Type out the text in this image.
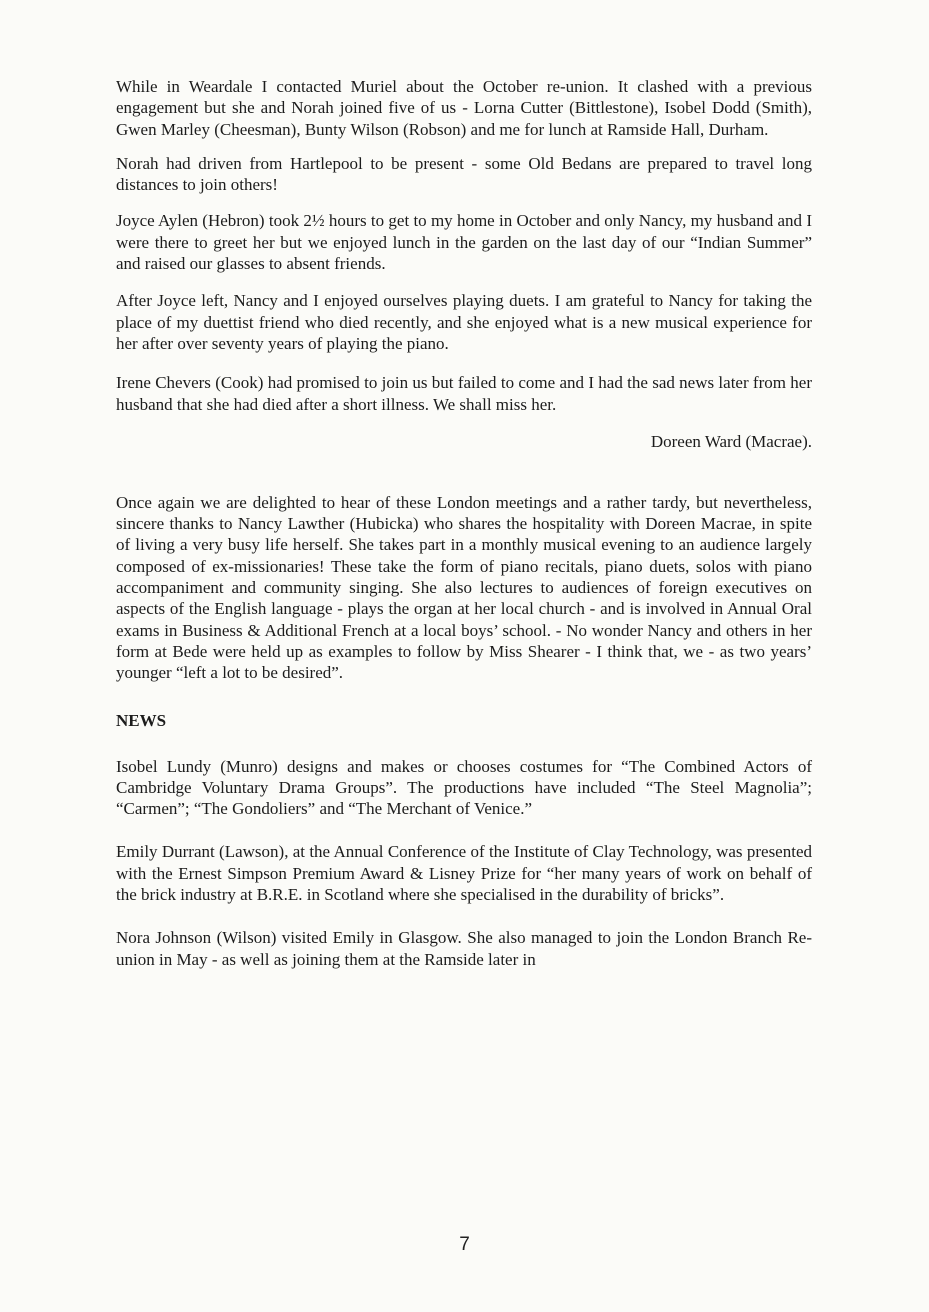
While in Weardale I contacted Muriel about the October re-union. It clashed with a previous engagement but she and Norah joined five of us - Lorna Cutter (Bittlestone), Isobel Dodd (Smith), Gwen Marley (Cheesman), Bunty Wilson (Robson) and me for lunch at Ramside Hall, Durham.

Norah had driven from Hartlepool to be present - some Old Bedans are prepared to travel long distances to join others!

Joyce Aylen (Hebron) took 2½ hours to get to my home in October and only Nancy, my husband and I were there to greet her but we enjoyed lunch in the garden on the last day of our “Indian Summer” and raised our glasses to absent friends.

After Joyce left, Nancy and I enjoyed ourselves playing duets. I am grateful to Nancy for taking the place of my duettist friend who died recently, and she enjoyed what is a new musical experience for her after over seventy years of playing the piano.

Irene Chevers (Cook) had promised to join us but failed to come and I had the sad news later from her husband that she had died after a short illness. We shall miss her.

Doreen Ward (Macrae).

Once again we are delighted to hear of these London meetings and a rather tardy, but nevertheless, sincere thanks to Nancy Lawther (Hubicka) who shares the hospitality with Doreen Macrae, in spite of living a very busy life herself. She takes part in a monthly musical evening to an audience largely composed of ex-missionaries! These take the form of piano recitals, piano duets, solos with piano accompaniment and community singing. She also lectures to audiences of foreign executives on aspects of the English language - plays the organ at her local church - and is involved in Annual Oral exams in Business & Additional French at a local boys’ school. - No wonder Nancy and others in her form at Bede were held up as examples to follow by Miss Shearer - I think that, we - as two years’ younger “left a lot to be desired”.

NEWS

Isobel Lundy (Munro) designs and makes or chooses costumes for “The Combined Actors of Cambridge Voluntary Drama Groups”. The productions have included “The Steel Magnolia”; “Carmen”; “The Gondoliers” and “The Merchant of Venice.”

Emily Durrant (Lawson), at the Annual Conference of the Institute of Clay Technology, was presented with the Ernest Simpson Premium Award & Lisney Prize for “her many years of work on behalf of the brick industry at B.R.E. in Scotland where she specialised in the durability of bricks”.

Nora Johnson (Wilson) visited Emily in Glasgow. She also managed to join the London Branch Re-union in May - as well as joining them at the Ramside later in

7
